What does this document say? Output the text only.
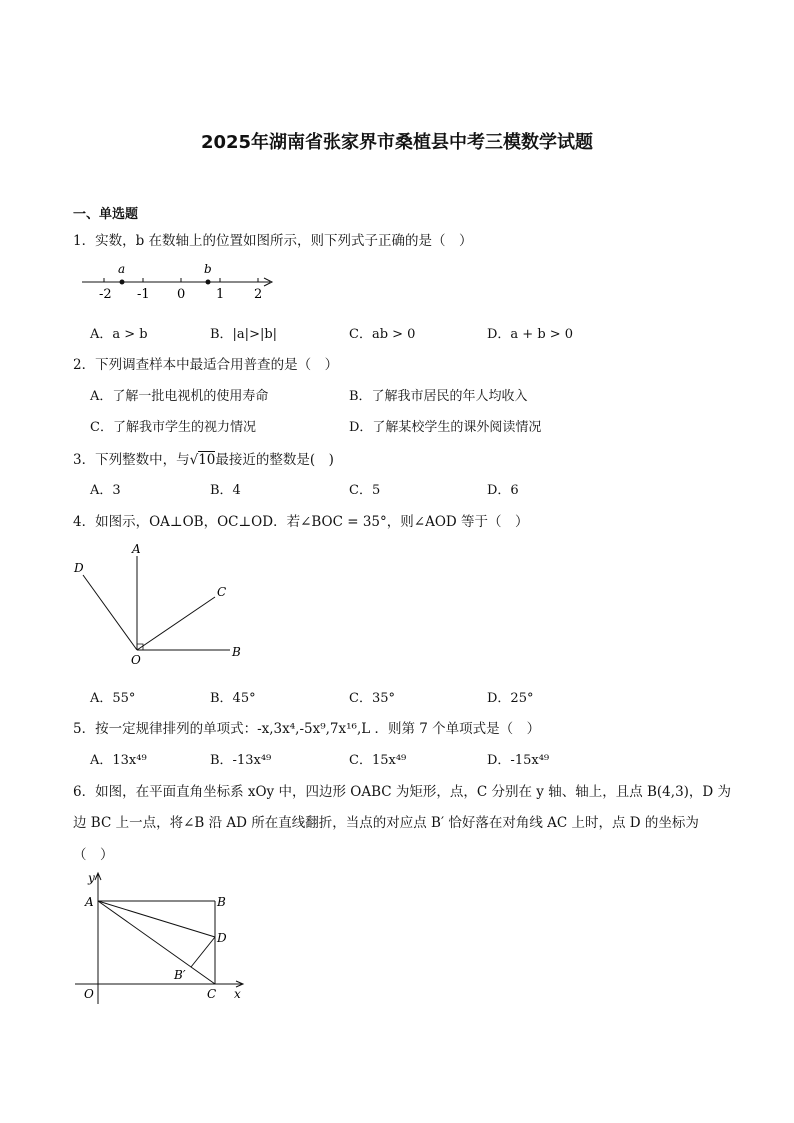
2025年湖南省张家界市桑植县中考三模数学试题
一、单选题
1．实数，b 在数轴上的位置如图所示，则下列式子正确的是（　）
a	b
-2 -1 0 1 2
A．a > b	B．|a|>|b|	C．ab > 0	D．a + b > 0
2．下列调查样本中最适合用普查的是（　）
A．了解一批电视机的使用寿命	B．了解我市居民的年人均收入
C．了解我市学生的视力情况	D．了解某校学生的课外阅读情况
3．下列整数中，与√10最接近的整数是(　)
A．3	B．4	C．5	D．6
4．如图示，OA⊥OB，OC⊥OD．若∠BOC = 35°，则∠AOD 等于（　）
A
D
C
O
B
A．55°	B．45°	C．35°	D．25°
5．按一定规律排列的单项式：-x,3x⁴,-5x⁹,7x¹⁶,L ．则第 7 个单项式是（　）
A．13x⁴⁹	B．-13x⁴⁹	C．15x⁴⁹	D．-15x⁴⁹
6．如图，在平面直角坐标系 xOy 中，四边形 OABC 为矩形，点，C 分别在 y 轴、轴上，且点 B(4,3)，D 为
边 BC 上一点，将∠B 沿 AD 所在直线翻折，当点的对应点 B′ 恰好落在对角线 AC 上时，点 D 的坐标为
（　）
y
A	B
D
B′
O	C x
